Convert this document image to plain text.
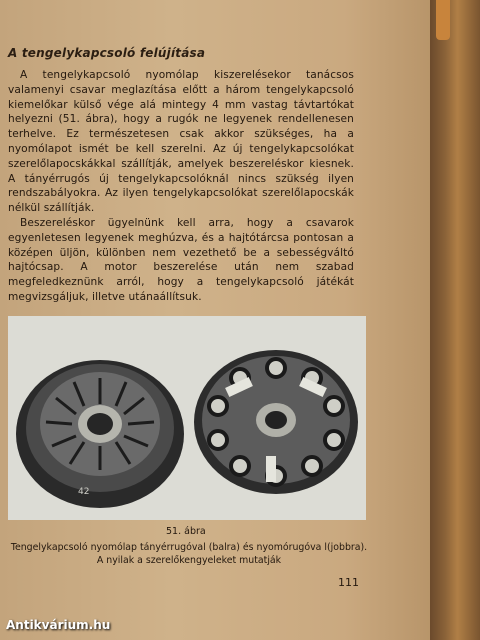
A tengelykapcsoló felújítása

A tengelykapcsoló nyomólap kiszerelésekor tanácsos valamenyi csavar meglazítása előtt a három tengelykapcsoló kiemelőkar külső vége alá mintegy 4 mm vastag távtartókat helyezni (51. ábra), hogy a rugók ne legyenek rendellenesen terhelve. Ez természetesen csak akkor szükséges, ha a nyomólapot ismét be kell szerelni. Az új tengelykapcsolókat szerelőlapocskákkal szállítják, amelyek beszereléskor kiesnek. A tányérrugós új tengelykapcsolóknál nincs szükség ilyen rendszabályokra. Az ilyen tengelykapcsolókat szerelőlapocskák nélkül szállítják.

Beszereléskor ügyelnünk kell arra, hogy a csavarok egyenletesen legyenek meghúzva, és a hajtótárcsa pontosan a középen üljön, különben nem vezethető be a sebességváltó hajtócsap. A motor beszerelése után nem szabad megfeledkeznünk arról, hogy a tengelykapcsoló játékát megvizsgáljuk, illetve utánaállítsuk.

42

51. ábra

Tengelykapcsoló nyomólap tányérrugóval (balra) és nyomórugóva l(jobbra).
A nyilak a szerelőkengyeleket mutatják

111

Antikvárium.hu
